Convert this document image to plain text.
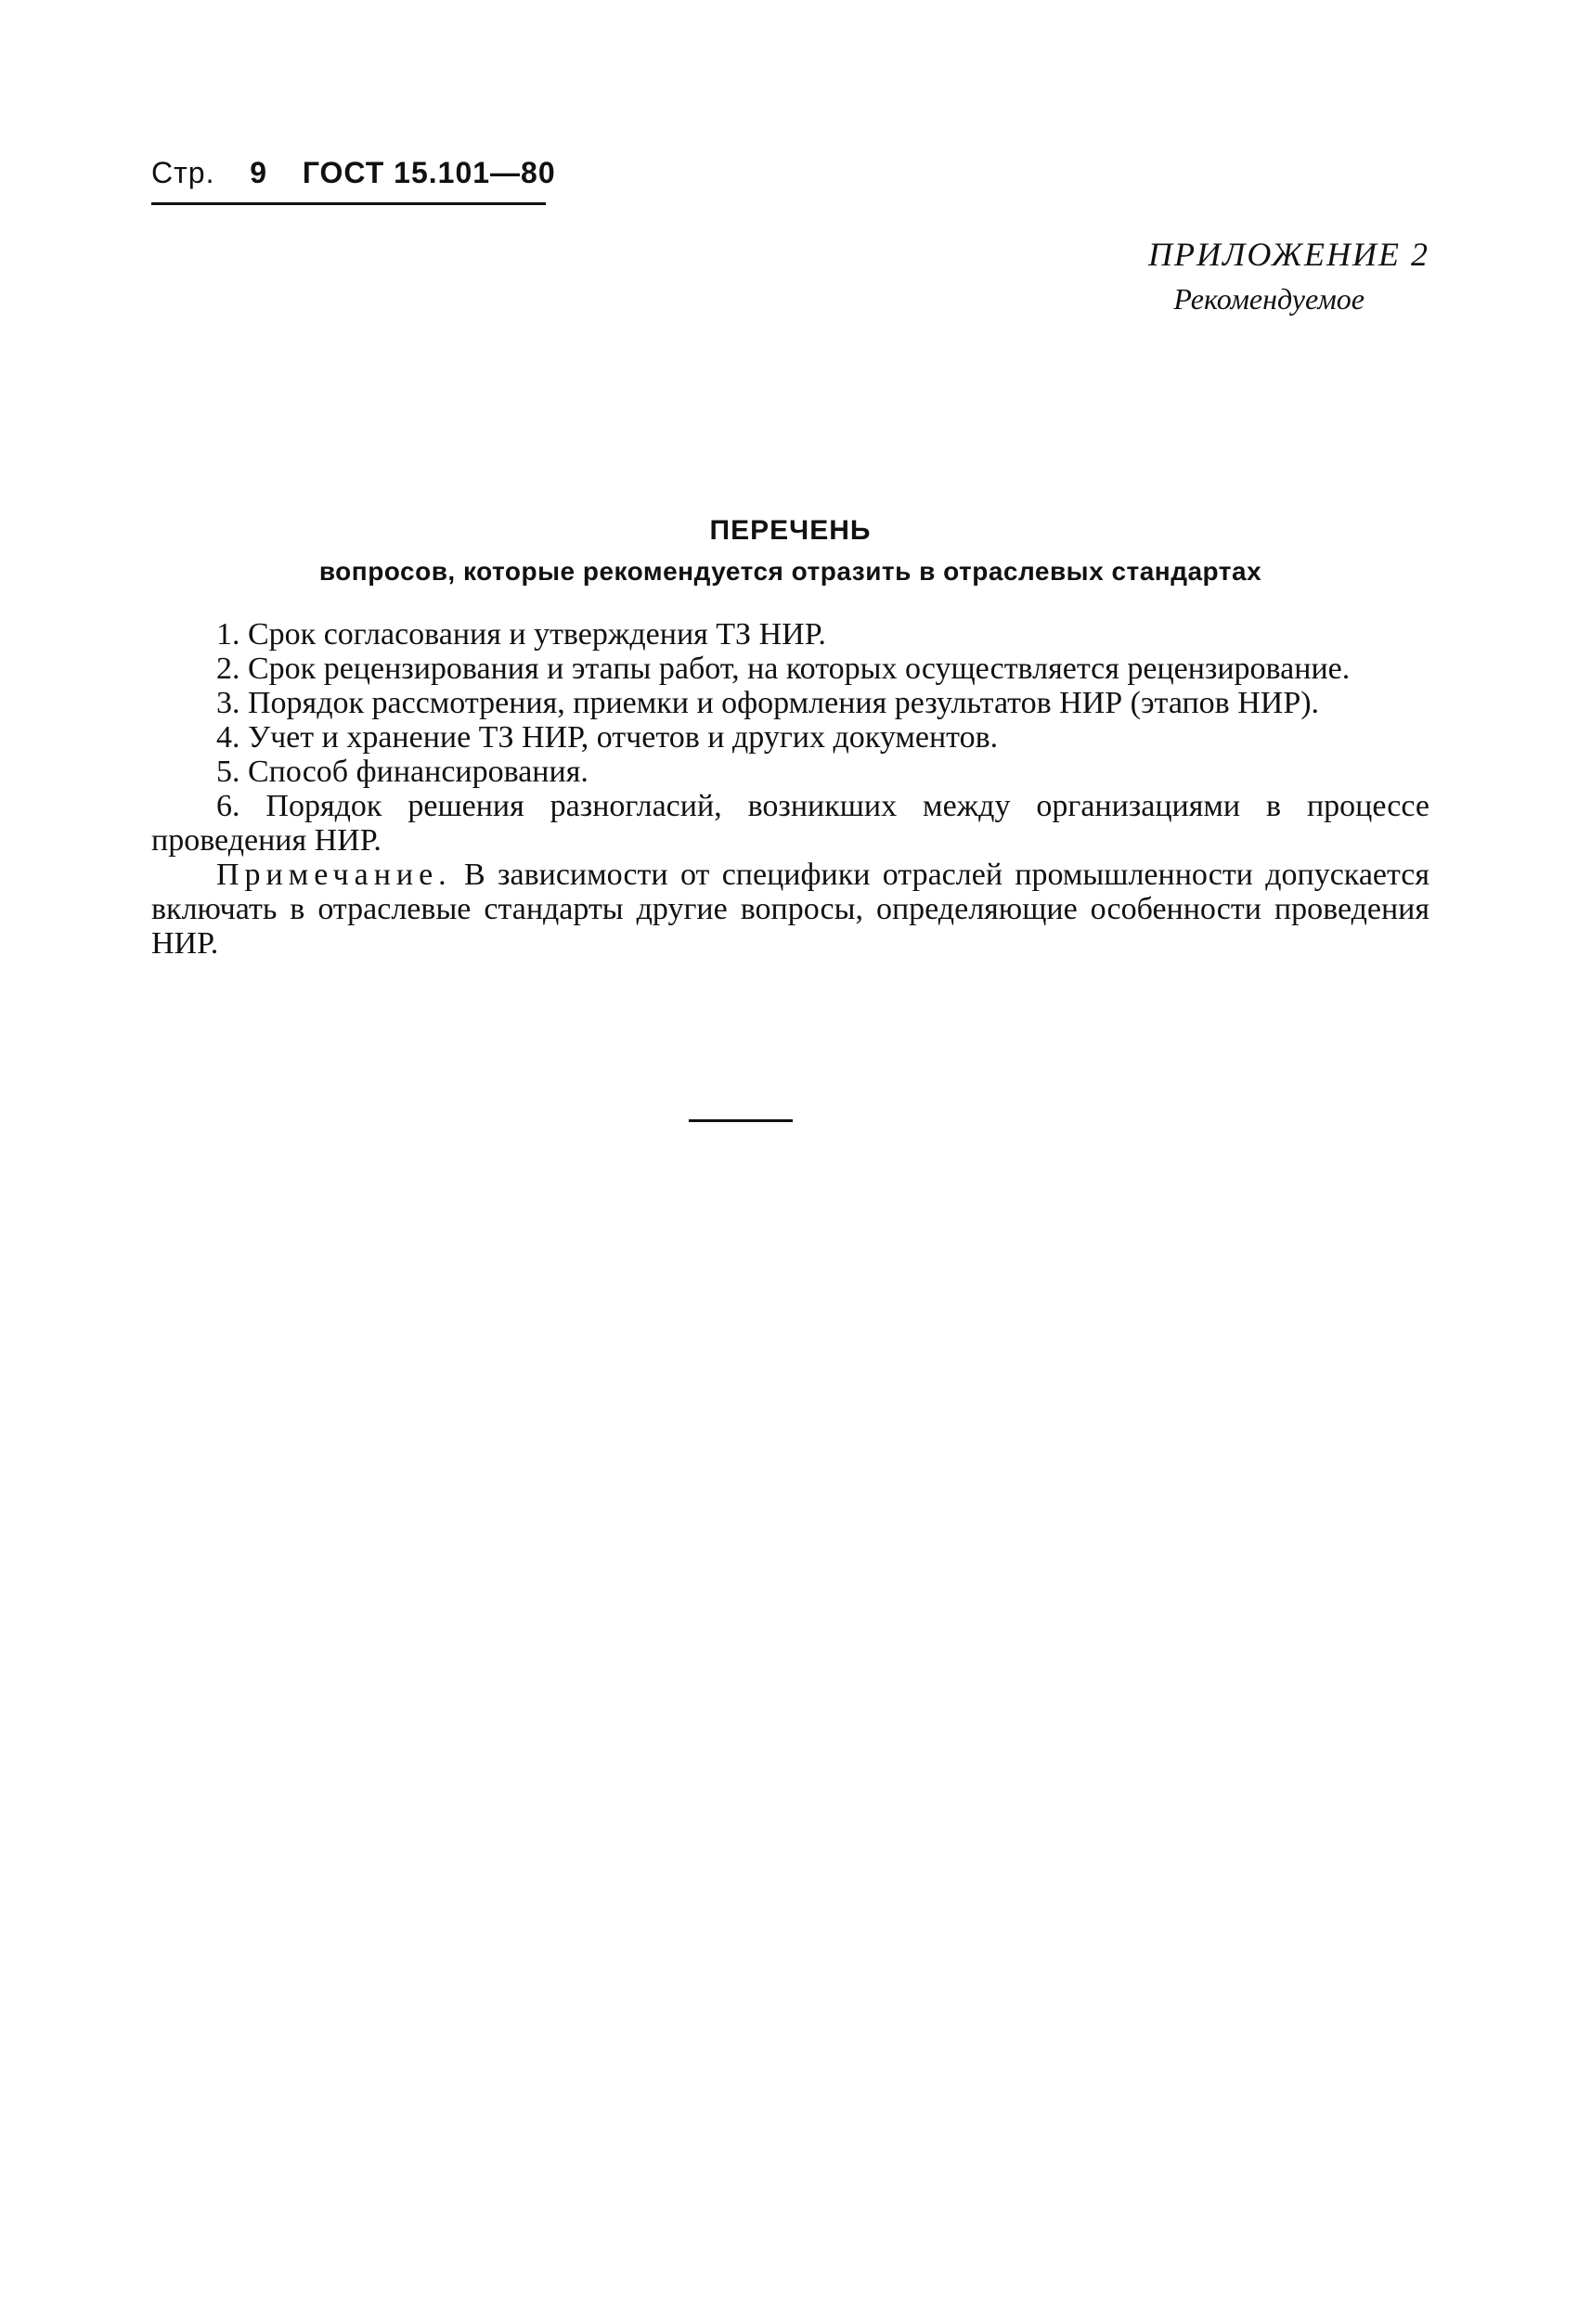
Стр. 9 ГОСТ 15.101—80
ПРИЛОЖЕНИЕ 2
Рекомендуемое
ПЕРЕЧЕНЬ
вопросов, которые рекомендуется отразить в отраслевых стандартах

1. Срок согласования и утверждения ТЗ НИР.

2. Срок рецензирования и этапы работ, на которых осуществляется рецензирование.

3. Порядок рассмотрения, приемки и оформления результатов НИР (этапов НИР).

4. Учет и хранение ТЗ НИР, отчетов и других документов.

5. Способ финансирования.

6. Порядок решения разногласий, возникших между организациями в процессе проведения НИР.

Примечание. В зависимости от специфики отраслей промышленности допускается включать в отраслевые стандарты другие вопросы, определяющие особенности проведения НИР.
